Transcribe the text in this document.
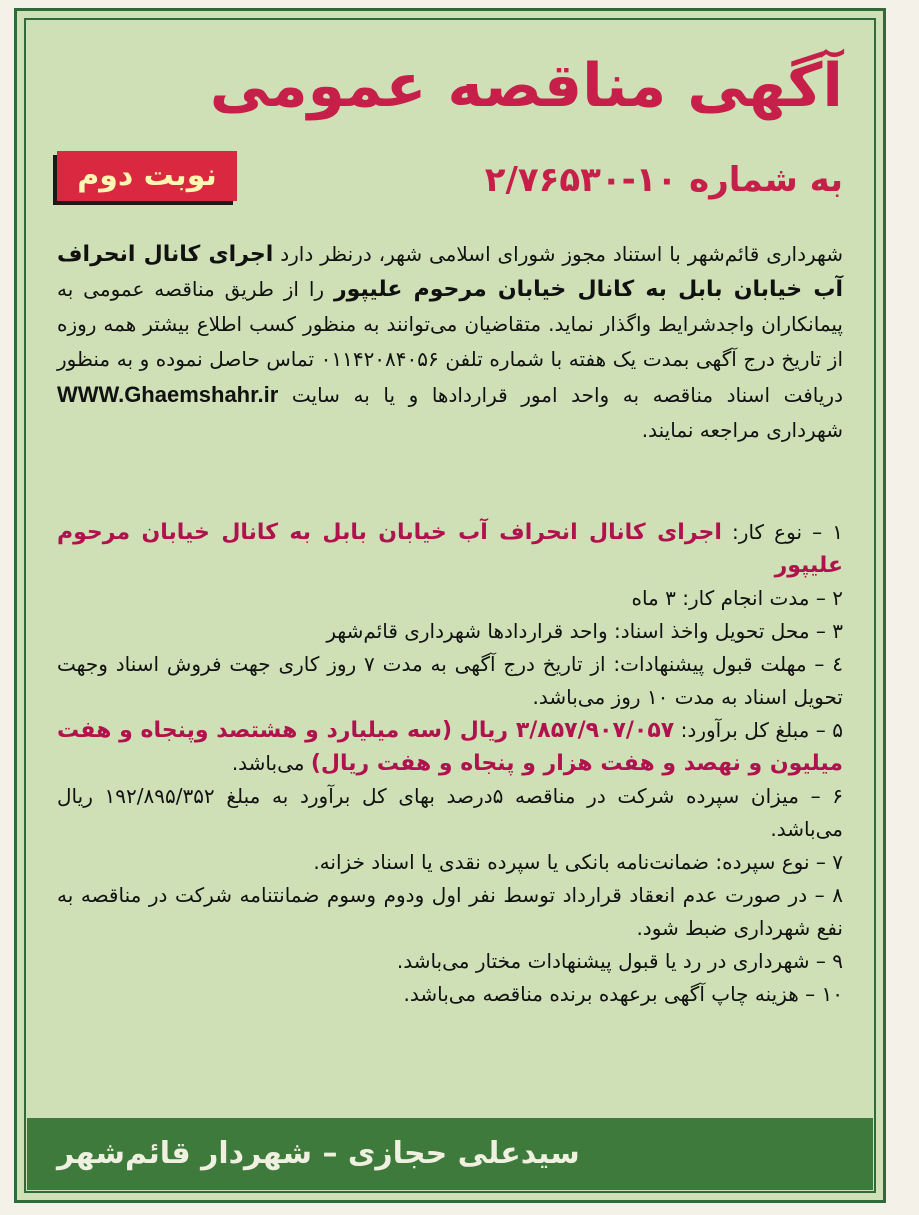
آگهی مناقصه عمومی
نوبت دوم	به شماره ۱۰-۲/۷۶۵۳۰

شهرداری قائم‌شهر با استناد مجوز شورای اسلامی شهر، درنظر دارد اجرای کانال انحراف آب خیابان بابل به کانال خیابان مرحوم علیپور را از طریق مناقصه عمومی به پیمانکاران واجدشرایط واگذار نماید. متقاضیان می‌توانند به منظور کسب اطلاع بیشتر همه روزه از تاریخ درج آگهی بمدت یک هفته با شماره تلفن ۰۱۱۴۲۰۸۴۰۵۶ تماس حاصل نموده و به منظور دریافت اسناد مناقصه به واحد امور قراردادها و یا به سایت WWW.Ghaemshahr.ir شهرداری مراجعه نمایند.

۱ – نوع کار: اجرای کانال انحراف آب خیابان بابل به کانال خیابان مرحوم علیپور
۲ – مدت انجام کار: ۳ ماه
۳ – محل تحویل واخذ اسناد: واحد قراردادها شهرداری قائم‌شهر
٤ – مهلت قبول پیشنهادات: از تاریخ درج آگهی به مدت ۷ روز کاری جهت فروش اسناد وجهت تحویل اسناد به مدت ۱۰ روز می‌باشد.
۵ – مبلغ کل برآورد: ۳/۸۵۷/۹۰۷/۰۵۷ ریال (سه میلیارد و هشتصد وپنجاه و هفت میلیون و نهصد و هفت هزار و پنجاه و هفت ریال) می‌باشد.
۶ – میزان سپرده شرکت در مناقصه ۵درصد بهای کل برآورد به مبلغ ۱۹۲/۸۹۵/۳۵۲ ریال می‌باشد.
۷ – نوع سپرده: ضمانت‌نامه بانکی یا سپرده نقدی یا اسناد خزانه.
۸ – در صورت عدم انعقاد قرارداد توسط نفر اول ودوم وسوم ضمانتنامه شرکت در مناقصه به نفع شهرداری ضبط شود.
۹ – شهرداری در رد یا قبول پیشنهادات مختار می‌باشد.
۱۰ – هزینه چاپ آگهی برعهده برنده مناقصه می‌باشد.
سیدعلی حجازی – شهردار قائم‌شهر
